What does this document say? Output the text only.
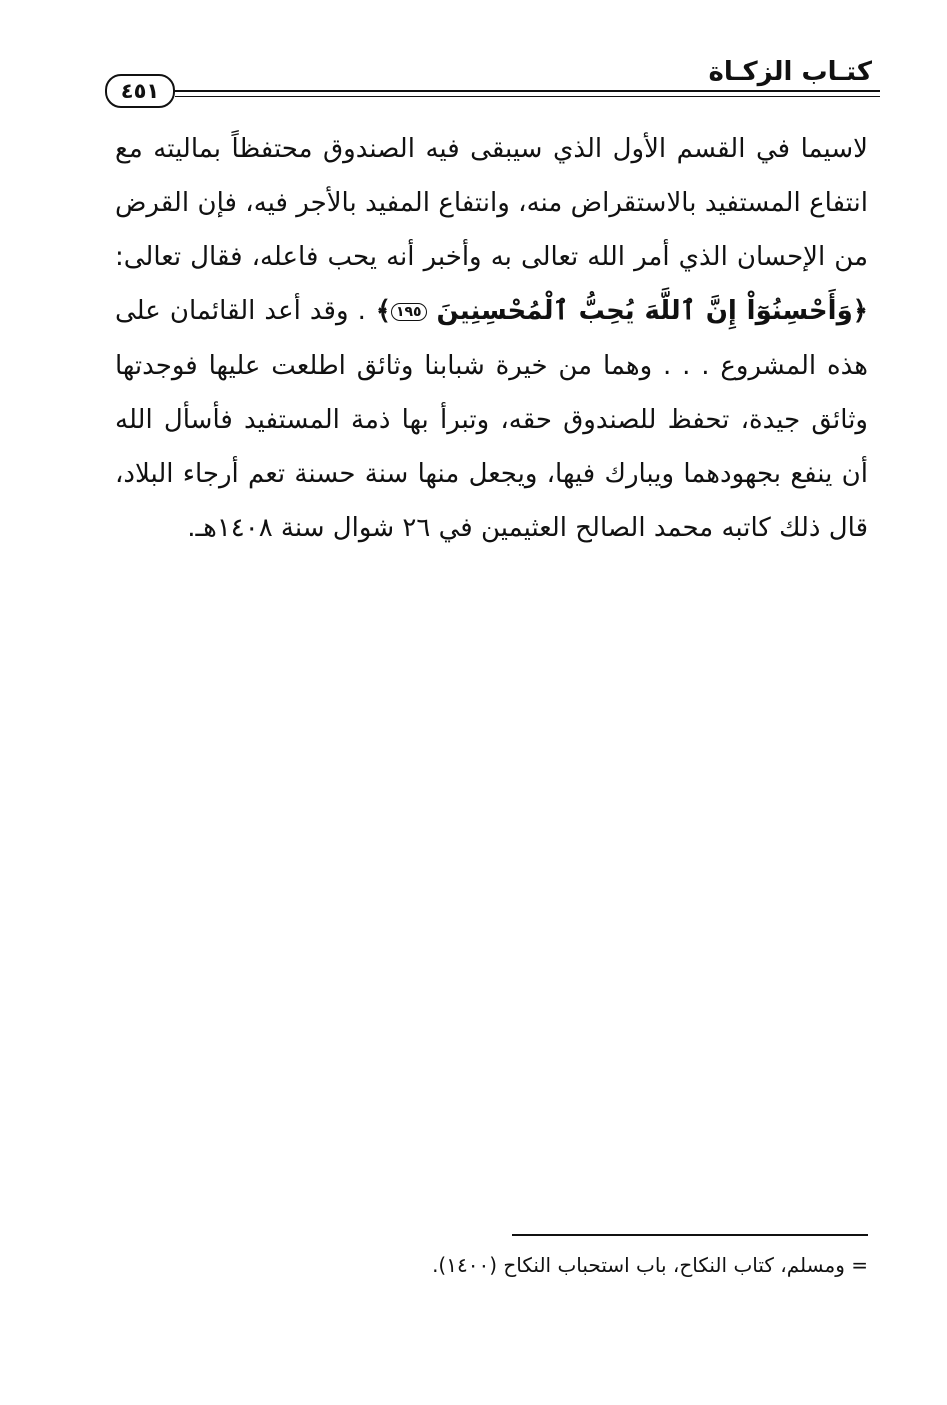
كتـاب الزكـاة
٤٥١

لاسيما في القسم الأول الذي سيبقى فيه الصندوق محتفظاً بماليته مع انتفاع المستفيد بالاستقراض منه، وانتفاع المفيد بالأجر فيه، فإن القرض من الإحسان الذي أمر الله تعالى به وأخبر أنه يحب فاعله، فقال تعالى: ﴿وَأَحْسِنُوٓاْ إِنَّ ٱللَّهَ يُحِبُّ ٱلْمُحْسِنِينَ ١٩٥﴾ . وقد أعد القائمان على هذه المشروع . . . وهما من خيرة شبابنا وثائق اطلعت عليها فوجدتها وثائق جيدة، تحفظ للصندوق حقه، وتبرأ بها ذمة المستفيد فأسأل الله أن ينفع بجهودهما ويبارك فيها، ويجعل منها سنة حسنة تعم أرجاء البلاد، قال ذلك كاتبه محمد الصالح العثيمين في ٢٦ شوال سنة ١٤٠٨هـ.

= ومسلم، كتاب النكاح، باب استحباب النكاح (١٤٠٠).
